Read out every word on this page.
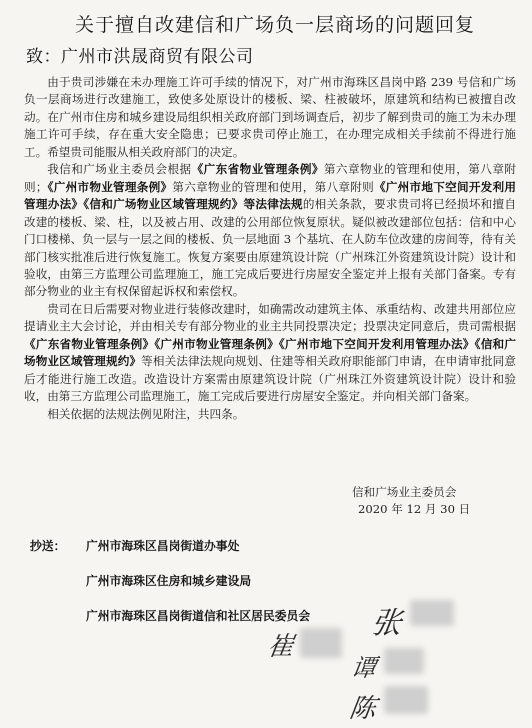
关于擅自改建信和广场负一层商场的问题回复
致：广州市洪晟商贸有限公司

由于贵司涉嫌在未办理施工许可手续的情况下，对广州市海珠区昌岗中路 239 号信和广场负一层商场进行改建施工，致使多处原设计的楼板、梁、柱被破坏，原建筑和结构已被擅自改动。在广州市住房和城乡建设局组织相关政府部门到场调查后，初步了解到贵司的施工为未办理施工许可手续，存在重大安全隐患；已要求贵司停止施工，在办理完成相关手续前不得进行施工。希望贵司能服从相关政府部门的决定。

我信和广场业主委员会根据《广东省物业管理条例》第六章物业的管理和使用，第八章附则；《广州市物业管理条例》第六章物业的管理和使用，第八章附则《广州市地下空间开发利用管理办法》《信和广场物业区域管理规约》等法律法规的相关条款，要求贵司将已经损坏和擅自改建的楼板、梁、柱，以及被占用、改建的公用部位恢复原状。疑似被改建部位包括：信和中心门口楼梯、负一层与一层之间的楼板、负一层地面 3 个基坑、在人防车位改建的房间等，待有关部门核实批准后进行恢复施工。恢复方案要由原建筑设计院（广州珠江外资建筑设计院）设计和验收，由第三方监理公司监理施工，施工完成后要进行房屋安全鉴定并上报有关部门备案。专有部分物业的业主有权保留起诉权和索偿权。

贵司在日后需要对物业进行装修改建时，如确需改动建筑主体、承重结构、改建共用部位应提请业主大会讨论，并由相关专有部分物业的业主共同投票决定；投票决定同意后，贵司需根据《广东省物业管理条例》《广州市物业管理条例》《广州市地下空间开发利用管理办法》《信和广场物业区域管理规约》等相关法律法规向规划、住建等相关政府职能部门申请，在申请审批同意后才能进行施工改造。改造设计方案需由原建筑设计院（广州珠江外资建筑设计院）设计和验收，由第三方监理公司监理施工，施工完成后要进行房屋安全鉴定。并向相关部门备案。

相关依据的法规法例见附注，共四条。

信和广场业主委员会
2020 年 12 月 30 日
抄送： 广州市海珠区昌岗街道办事处
广州市海珠区住房和城乡建设局
广州市海珠区昌岗街道信和社区居民委员会
崔
张
谭
陈
